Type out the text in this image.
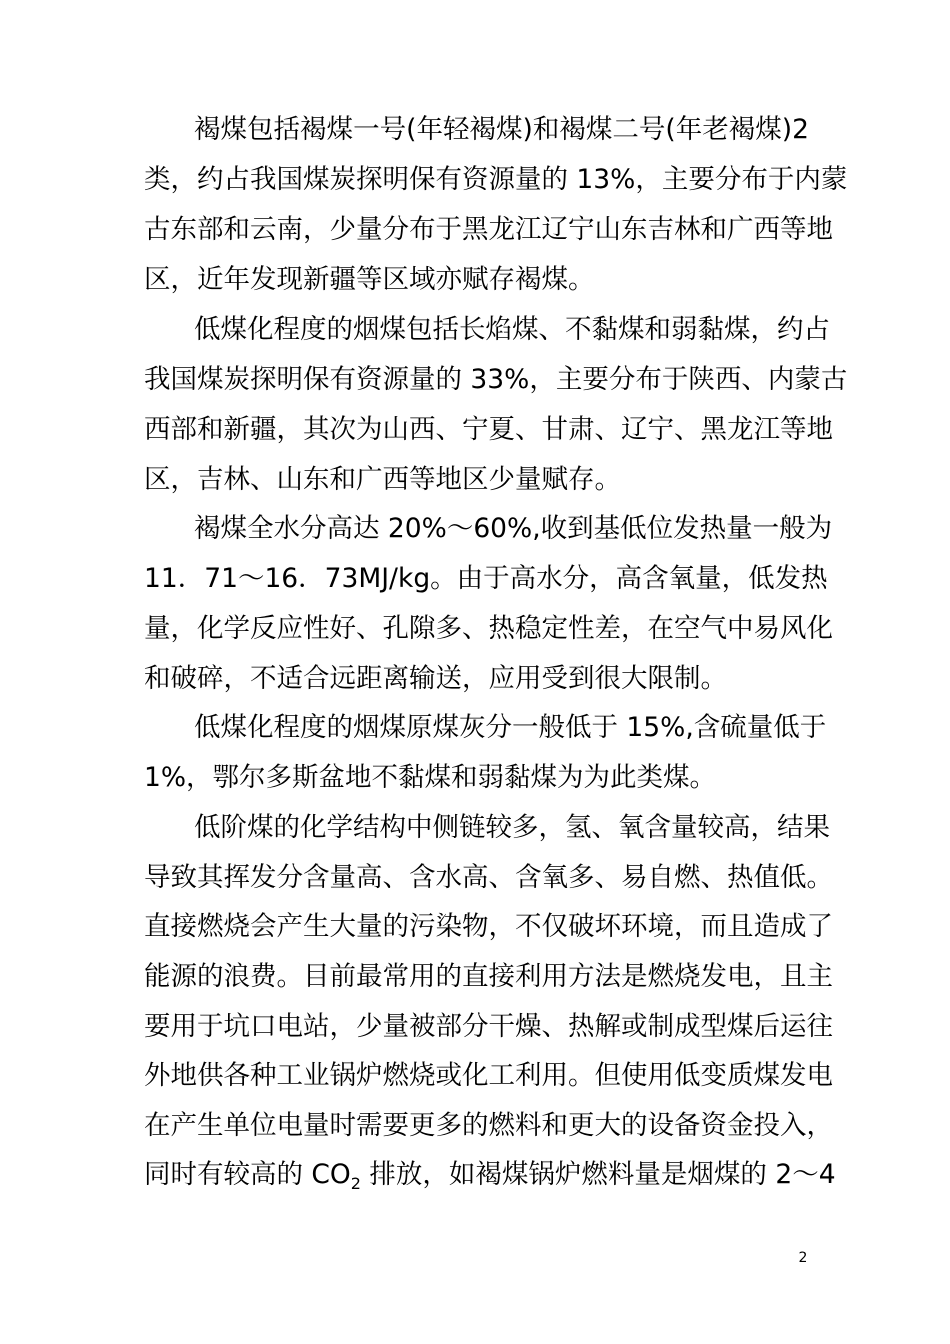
褐煤包括褐煤一号(年轻褐煤)和褐煤二号(年老褐煤)2
类，约占我国煤炭探明保有资源量的 13%，主要分布于内蒙
古东部和云南，少量分布于黑龙江辽宁山东吉林和广西等地
区，近年发现新疆等区域亦赋存褐煤。
低煤化程度的烟煤包括长焰煤、不黏煤和弱黏煤，约占
我国煤炭探明保有资源量的 33%，主要分布于陕西、内蒙古
西部和新疆，其次为山西、宁夏、甘肃、辽宁、黑龙江等地
区，吉林、山东和广西等地区少量赋存。
褐煤全水分高达 20%～60%,收到基低位发热量一般为
11．71～16．73MJ/kg。由于高水分，高含氧量，低发热
量，化学反应性好、孔隙多、热稳定性差，在空气中易风化
和破碎，不适合远距离输送，应用受到很大限制。
低煤化程度的烟煤原煤灰分一般低于 15%,含硫量低于
1%，鄂尔多斯盆地不黏煤和弱黏煤为为此类煤。
低阶煤的化学结构中侧链较多，氢、氧含量较高，结果
导致其挥发分含量高、含水高、含氧多、易自燃、热值低。
直接燃烧会产生大量的污染物，不仅破坏环境，而且造成了
能源的浪费。目前最常用的直接利用方法是燃烧发电，且主
要用于坑口电站，少量被部分干燥、热解或制成型煤后运往
外地供各种工业锅炉燃烧或化工利用。但使用低变质煤发电
在产生单位电量时需要更多的燃料和更大的设备资金投入，
同时有较高的 $CO_2$ 排放，如褐煤锅炉燃料量是烟煤的 2～4
2
